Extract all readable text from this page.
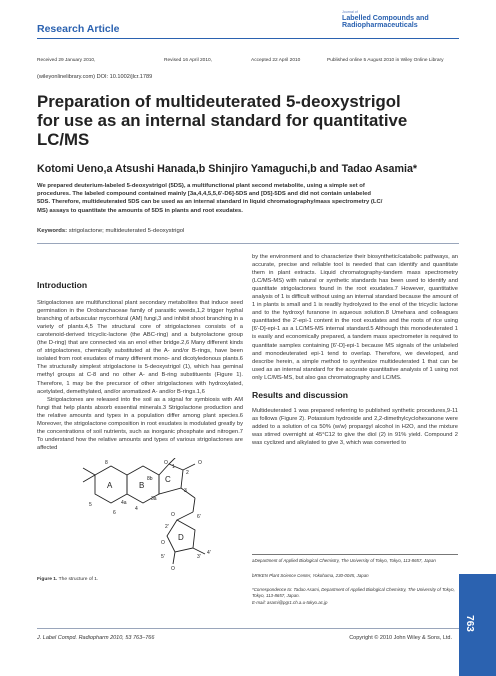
Research Article
Journal of
Labelled Compounds and
Radiopharmaceuticals
Received 29 January 2010,	Revised 16 April 2010,	Accepted 22 April 2010	Published online 5 August 2010 in Wiley Online Library
(wileyonlinelibrary.com) DOI: 10.1002/jlcr.1789
Preparation of multideuterated 5-deoxystrigol
for use as an internal standard for quantitative
LC/MS
Kotomi Ueno,a Atsushi Hanada,b Shinjiro Yamaguchi,b and Tadao Asamia*
We prepared deuterium-labeled 5-deoxystrigol (5DS), a multifunctional plant second metabolite, using a simple set of
procedures. The labeled compound contained mainly [3a,4,4,5,5,6'-D6]-5DS and [D5]-5DS and did not contain unlabeled
5DS. Therefore, multideuterated 5DS can be used as an internal standard in liquid chromatography/mass spectrometry (LC/
MS) assays to quantitate the amounts of 5DS in plants and root exudates.
Keywords: strigolactone; multideuterated 5-deoxystrigol
Introduction

Strigolactones are multifunctional plant secondary metabolites that induce seed germination in the Orobanchaceae family of parasitic weeds,1,2 trigger hyphal branching of arbuscular mycorrhizal (AM) fungi,3 and inhibit shoot branching in a variety of plants.4,5 The structural core of strigolactones consists of a carotenoid-derived tricyclic-lactone (the ABC-ring) and a butyrolactone group (the D-ring) that are connected via an enol ether bridge.2,6 Many different kinds of strigolactones, chemically substituted at the A- and/or B-rings, have been isolated from root exudates of many different mono- and dicotyledonous plants.6 The structurally simplest strigolactone is 5-deoxystrigol (1), which has geminal methyl groups at C-8 and no other A- and B-ring substituents (Figure 1). Therefore, 1 may be the precursor of other strigolactones with hydroxylated, acetylated, demethylated, and/or aromatized A- and/or B-rings.1,6

Strigolactones are released into the soil as a signal for symbiosis with AM fungi that help plants absorb essential minerals.3 Strigolactone production and the relative amounts and types in a population differ among plant species.6 Moreover, the strigolactone composition in root exudates is modulated greatly by the concentrations of soil nutrients, such as inorganic phosphate and nitrogen.7 To understand how the relative amounts and types of various strigolactones are affected

A	B
C
D
8
8b
3a
5
4
4a
6
5'
6'
3'
4'
2'
1
2
3
O
O
O
O
O
Figure 1. The structure of 1.

by the environment and to characterize their biosynthetic/catabolic pathways, an accurate, precise and reliable tool is needed that can identify and quantitate them in plant extracts. Liquid chromatography-tandem mass spectrometry (LC/MS-MS) with natural or synthetic standards has been used to identify and quantitate strigolactones found in the root exudates.7 However, quantitative analysis of 1 is difficult without using an internal standard because the amount of 1 in plants is small and 1 is readily hydrolyzed to the enol of the tricyclic lactone and to the hydroxyl furanone in aqueous solution.8 Umehara and colleagues quantitated the 2'-epi-1 content in the root exudates and the roots of rice using [6'-D]-epi-1 as a LC/MS-MS internal standard.5 Although this monodeuterated 1 is easily and economically prepared, a tandem mass spectrometer is required to quantitate samples containing [6'-D]-epi-1 because MS signals of the unlabeled and monodeuterated epi-1 tend to overlap. Therefore, we developed, and describe herein, a simple method to synthesize multideuterated 1 that can be used as an internal standard for the accurate quantitative analysis of 1 using not only LC/MS-MS, but also gas chromatography and LC/MS.

Results and discussion

Multideuterated 1 was prepared referring to published synthetic procedures,9-11 as follows (Figure 2). Potassium hydroxide and 2,2-dimethylcyclohexanone were added to a solution of ca 50% (w/w) propargyl alcohol in H2O, and the mixture was stirred overnight at 45°C12 to give the diol (2) in 91% yield. Compound 2 was cyclized and alkylated to give 3, which was converted to

aDepartment of Applied Biological Chemistry, The University of Tokyo, Tokyo, 113-8657, Japan
bRIKEN Plant Science Center, Yokohama, 230-0045, Japan
*Correspondence to: Tadao Asami, Department of Applied Biological Chemistry, The University of Tokyo, Tokyo, 113-8657, Japan.
E-mail: asami@pgr1.ch.a.u-tokyo.ac.jp
763
J. Label Compd. Radiopharm 2010, 53 763–766	Copyright © 2010 John Wiley & Sons, Ltd.
